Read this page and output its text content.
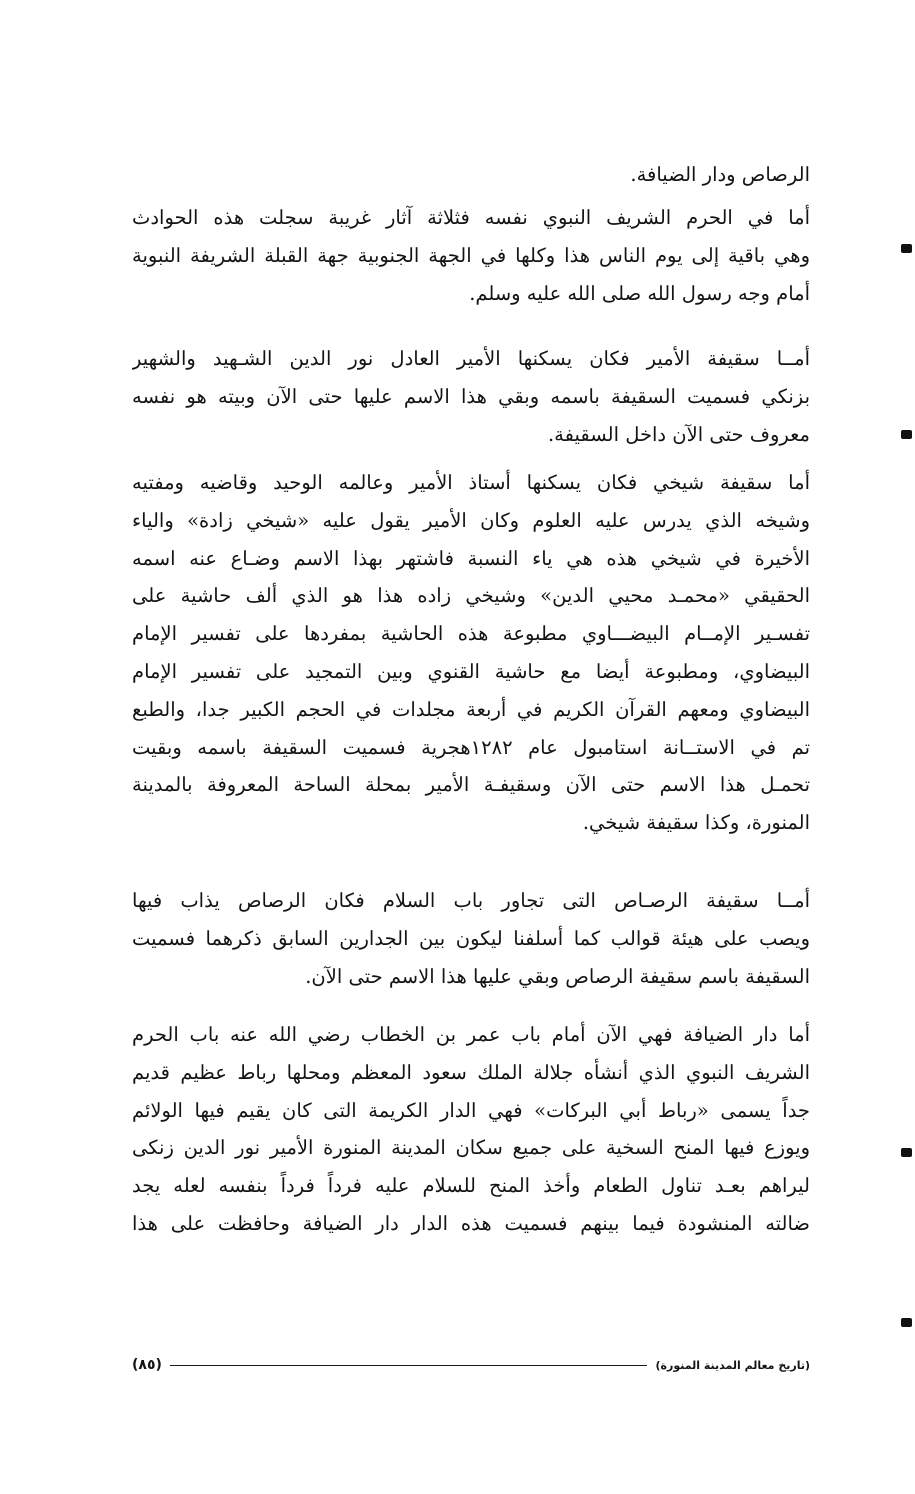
الرصاص ودار الضيافة.
أما في الحرم الشريف النبوي نفسه فثلاثة آثار غريبة سجلت هذه الحوادث
وهي باقية إلى يوم الناس هذا وكلها في الجهة الجنوبية جهة القبلة الشريفة النبوية
أمام وجه رسول الله صلى الله عليه وسلم.
أمــا سقيفة الأمير فكان يسكنها الأمير العادل نور الدين الشـهيد والشهير
بزنكي فسميت السقيفة باسمه وبقي هذا الاسم عليها حتى الآن وبيته هو نفسه
معروف حتى الآن داخل السقيفة.
أما سقيفة شيخي فكان يسكنها أستاذ الأمير وعالمه الوحيد وقاضيه ومفتيه
وشيخه الذي يدرس عليه العلوم وكان الأمير يقول عليه «شيخي زادة» والياء
الأخيرة في شيخي هذه هي ياء النسبة فاشتهر بهذا الاسم وضـاع عنه اسمه
الحقيقي «محمـد محيي الدين» وشيخي زاده هذا هو الذي ألف حاشية على
تفسـير الإمــام البيضـــاوي مطبوعة هذه الحاشية بمفردها على تفسير الإمام
البيضاوي، ومطبوعة أيضا مع حاشية القنوي وبين التمجيد على تفسير الإمام
البيضاوي ومعهم القرآن الكريم في أربعة مجلدات في الحجم الكبير جدا، والطبع
تم في الاستــانة استامبول عام ١٢٨٢هجرية فسميت السقيفة باسمه وبقيت
تحمـل هذا الاسم حتى الآن وسقيفـة الأمير بمحلة الساحة المعروفة بالمدينة
المنورة، وكذا سقيفة شيخي.
أمــا سقيفة الرصـاص التى تجاور باب السلام فكان الرصاص يذاب فيها
ويصب على هيئة قوالب كما أسلفنا ليكون بين الجدارين السابق ذكرهما فسميت
السقيفة باسم سقيفة الرصاص وبقي عليها هذا الاسم حتى الآن.
أما دار الضيافة فهي الآن أمام باب عمر بن الخطاب رضي الله عنه باب الحرم
الشريف النبوي الذي أنشأه جلالة الملك سعود المعظم ومحلها رباط عظيم قديم
جداً يسمى «رباط أبي البركات» فهي الدار الكريمة التى كان يقيم فيها الولائم
ويوزع فيها المنح السخية على جميع سكان المدينة المنورة الأمير نور الدين زنكى
ليراهم بعـد تناول الطعام وأخذ المنح للسلام عليه فرداً فرداً بنفسه لعله يجد
ضالته المنشودة فيما بينهم فسميت هذه الدار دار الضيافة وحافظت على هذا
(تاريخ معالم المدينة المنورة)
(٨٥)
